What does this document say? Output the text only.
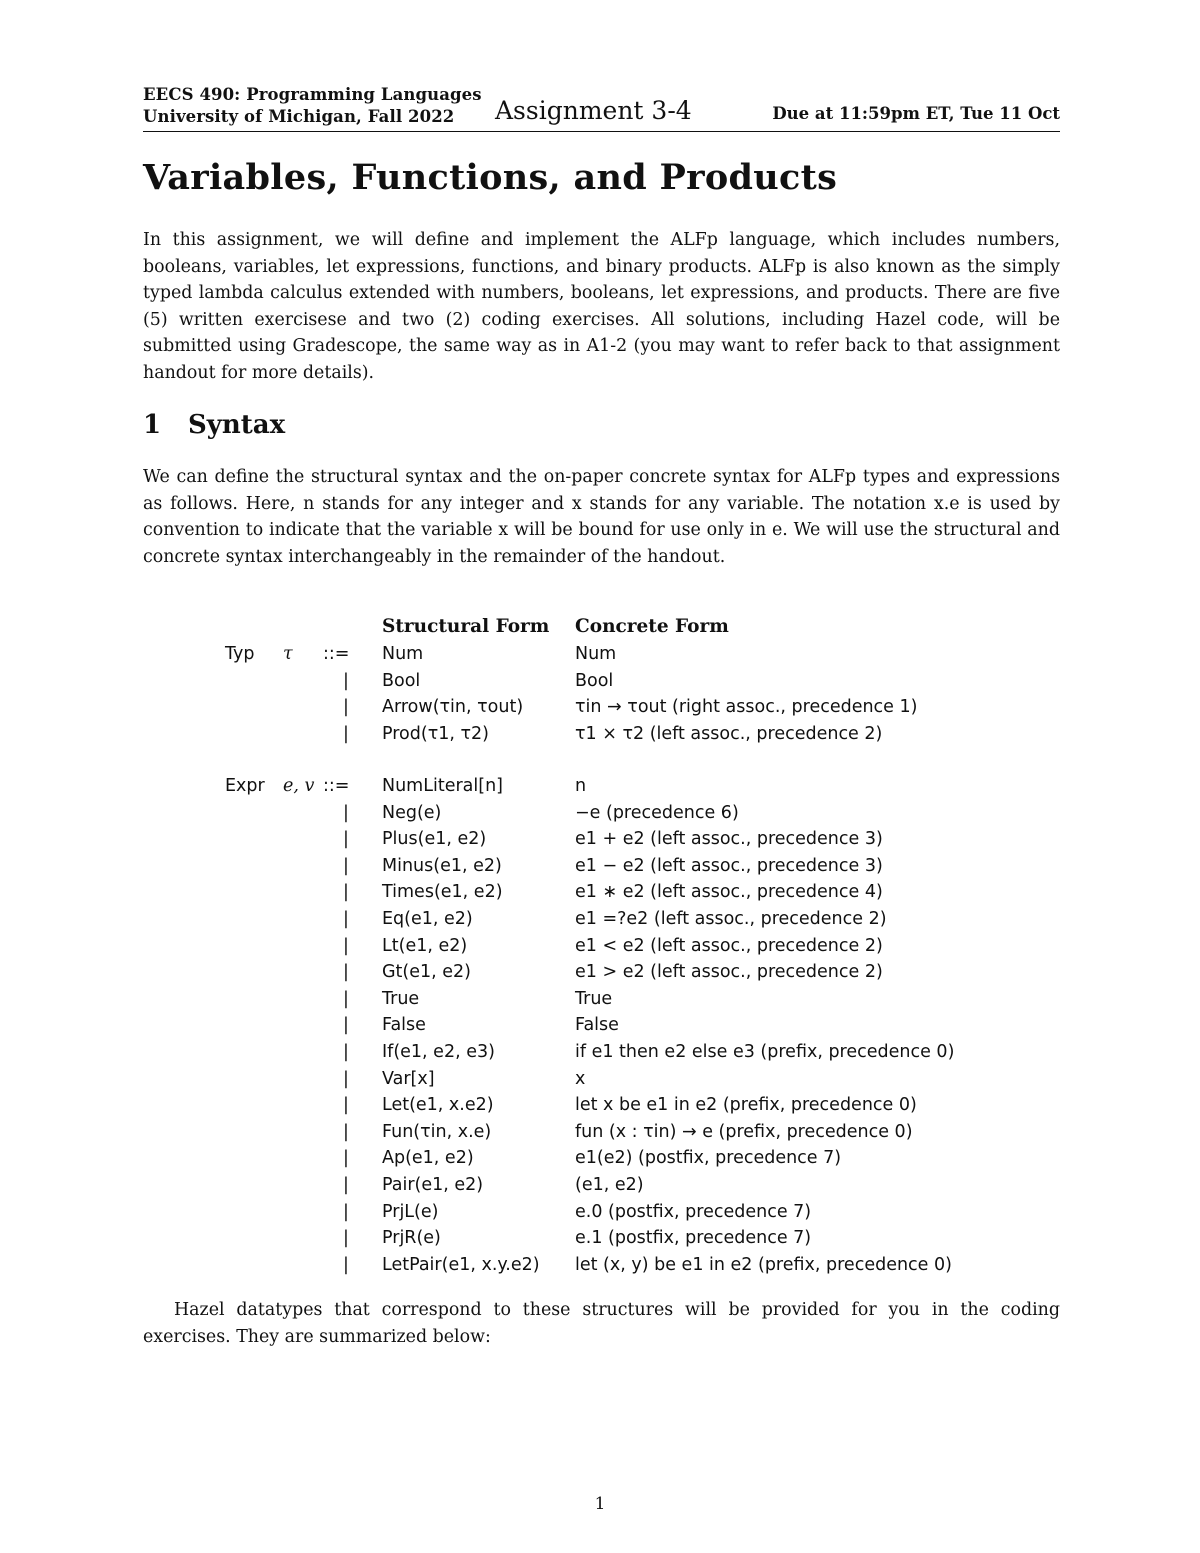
EECS 490: Programming Languages
University of Michigan, Fall 2022	Assignment 3-4	Due at 11:59pm ET, Tue 11 Oct
Variables, Functions, and Products
In this assignment, we will define and implement the ALFp language, which includes numbers, booleans, variables, let expressions, functions, and binary products. ALFp is also known as the simply typed lambda calculus extended with numbers, booleans, let expressions, and products. There are five (5) written exercisese and two (2) coding exercises. All solutions, including Hazel code, will be submitted using Gradescope, the same way as in A1-2 (you may want to refer back to that assignment handout for more details).
1 Syntax
We can define the structural syntax and the on-paper concrete syntax for ALFp types and expressions as follows. Here, n stands for any integer and x stands for any variable. The notation x.e is used by convention to indicate that the variable x will be bound for use only in e. We will use the structural and concrete syntax interchangeably in the remainder of the handout.
Structural Form Concrete Form
Typ τ ::= Num	Num
| Bool	Bool
| Arrow(τin, τout)	τin → τout (right assoc., precedence 1)
| Prod(τ1, τ2)	τ1 × τ2 (left assoc., precedence 2)
Expr e, v ::= NumLiteral[n]	n
| Neg(e)	−e (precedence 6)
| Plus(e1, e2)	e1 + e2 (left assoc., precedence 3)
| Minus(e1, e2)	e1 − e2 (left assoc., precedence 3)
| Times(e1, e2)	e1 ∗ e2 (left assoc., precedence 4)
| Eq(e1, e2)	e1 =?e2 (left assoc., precedence 2)
| Lt(e1, e2)	e1 < e2 (left assoc., precedence 2)
| Gt(e1, e2)	e1 > e2 (left assoc., precedence 2)
| True	True
| False	False
| If(e1, e2, e3)	if e1 then e2 else e3 (prefix, precedence 0)
| Var[x]	x
| Let(e1, x.e2)	let x be e1 in e2 (prefix, precedence 0)
| Fun(τin, x.e)	fun (x : τin) → e (prefix, precedence 0)
| Ap(e1, e2)	e1(e2) (postfix, precedence 7)
| Pair(e1, e2)	(e1, e2)
| PrjL(e)	e.0 (postfix, precedence 7)
| PrjR(e)	e.1 (postfix, precedence 7)
| LetPair(e1, x.y.e2) let (x, y) be e1 in e2 (prefix, precedence 0)
Hazel datatypes that correspond to these structures will be provided for you in the coding exercises. They are summarized below:
1
